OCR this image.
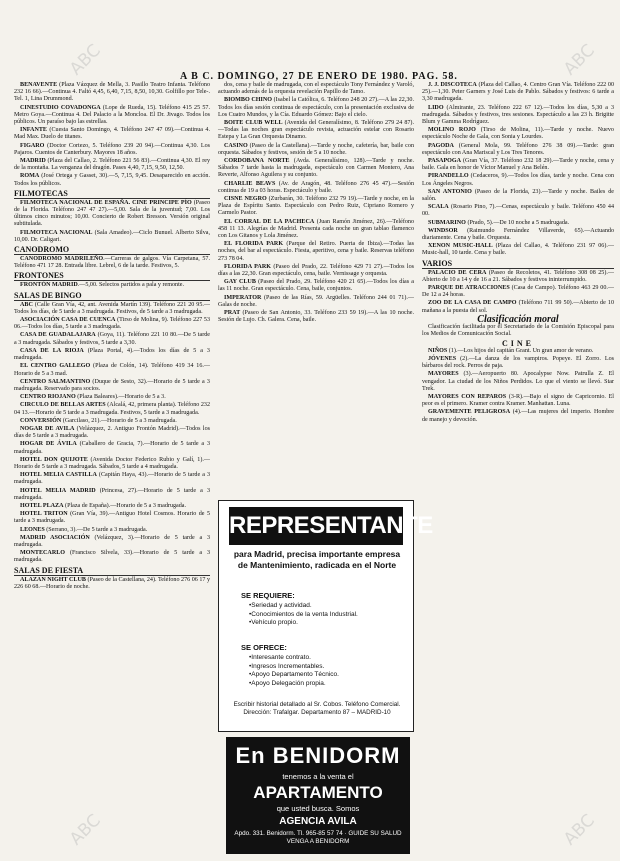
A B C. DOMINGO, 27 DE ENERO DE 1980. PAG. 58.

BENAVENTE (Plaza Vázquez de Mella, 3. Pasillo Teatro Infanta. Teléfono 232 16 66).—Continua 4. Faltó 4,45, 6,40, 7,15, 8,50, 10,30. Golfillo por Tele-. Tel. 1, Lina Drummond.

CINESTUDIO COVADONGA (Lope de Rueda, 15). Teléfono 415 25 57. Metro Goya.—Continua 4. Del Palacio a la Moncloa. El Dr. Jivago. Todos los públicos. Un paraíso bajo las estrellas.

INFANTE (Cuesta Santo Domingo, 4. Teléfono 247 47 09).—Continua 4. Mad Max. Duelo de titanes.

FIGARO (Doctor Cortezo, 5. Teléfono 239 20 94).—Continua 4,30. Los Pajaros. Cuentos de Canterbury. Mayores 18 años.

MADRID (Plaza del Callao, 2. Teléfono 221 56 83).—Continua 4,30. El rey de la montaña. La venganza del dragón. Pases 4,40, 7,15, 9,50, 12,50.

ROMA (José Ortega y Gasset, 30).—5, 7,15, 9,45. Desaparecido en acción. Todos los públicos.

FILMOTECAS

FILMOTECA NACIONAL DE ESPAÑA. CINE PRINCIPE PÍO (Paseo de la Florida. Teléfono 247 47 27).—5,00. Sala de la juventud; 7,00. Los últimos cinco minutos; 10,00. Concierto de Robert Bresson. Versión original subtitulada.

FILMOTECA NACIONAL (Sala Amadeo).—Ciclo Bunuel. Alberto Silva, 10,00. Dr. Caligari.

CANODROMO

CANODROMO MADRILEÑO.—Carreras de galgos. Vía Carpetana, 57. Teléfono 471 17 28. Entrada libre. Lebrel, 6 de la tarde. Festivos, 5.

FRONTONES

FRONTÓN MADRID.—5,00. Selectos partidos a pala y remonte.

SALAS DE BINGO

ABC (Calle Gran Vía, 42, ant. Avenida Martín 139). Teléfono 221 20 95.—Todos los días, de 5 tarde a 3 madrugada. Festivos, de 5 tarde a 3 madrugada.

ASOCIACIÓN CASA DE CUENCA (Tirso de Molina, 9). Teléfono 227 53 06.—Todos los días, 5 tarde a 3 madrugada.

CASA DE GUADALAJARA (Goya, 11). Teléfono 221 10 80.—De 5 tarde a 3 madrugada. Sábados y festivos, 5 tarde a 3,30.

CASA DE LA RIOJA (Plaza Portal, 4).—Todos los días de 5 a 3 madrugada.

EL CENTRO GALLEGO (Plaza de Colón, 14). Teléfono 419 34 16.—Horario de 5 a 3 mad.

CENTRO SALMANTINO (Duque de Sesto, 32).—Horario de 5 tarde a 3 madrugada. Reservado para socios.

CENTRO RIOJANO (Plaza Baleares).—Horario de 5 a 3.

CIRCULO DE BELLAS ARTES (Alcalá, 42, primera planta). Teléfono 232 04 13.—Horario de 5 tarde a 3 madrugada. Festivos, 5 tarde a 3 madrugada.

CONVERSIÓN (Garcilaso, 21).—Horario de 5 a 3 madrugada.

NOGAR DE AVILA (Velázquez, 2. Antiguo Frontón Madrid).—Todos los días de 5 tarde a 3 madrugada.

HOGAR DE ÁVILA (Caballero de Gracia, 7).—Horario de 5 tarde a 3 madrugada.

HOTEL DON QUIJOTE (Avenida Doctor Federico Rubio y Galí, 1).—Horario de 5 tarde a 3 madrugada. Sábados, 5 tarde a 4 madrugada.

HOTEL MELIA CASTILLA (Capitán Haya, 43).—Horario de 5 tarde a 3 madrugada.

HOTEL MELIA MADRID (Princesa, 27).—Horario de 5 tarde a 3 madrugada.

HOTEL PLAZA (Plaza de España).—Horario de 5 a 3 madrugada.

HOTEL TRITON (Gran Vía, 39).—Antiguo Hotel Cosmos. Horario de 5 tarde a 3 madrugada.

LEONES (Serrano, 3).—De 5 tarde a 3 madrugada.

MADRID ASOCIACIÓN (Velázquez, 3).—Horario de 5 tarde a 3 madrugada.

MONTECARLO (Francisco Silvela, 33).—Horario de 5 tarde a 3 madrugada.

SALAS DE FIESTA

ALAZAN NIGHT CLUB (Paseo de la Castellana, 24). Teléfono 276 06 17 y 226 60 68.—Horario de noche.

dos, cena y baile de madrugada, con el espectáculo Tony Fernández y Varoló, actuando además de la orquesta revelación Papillo de Tamo.

BIOMBO CHINO (Isabel la Católica, 6. Teléfono 248 20 27).—A las 22,30. Todos los días sesión continua de espectáculo, con la presentación exclusiva de Los Cuatro Mundos, y la Cía. Eduardo Gómez: Bajo el cielo.

BOITE CLUB WELL (Avenida del Generalísimo, 8. Teléfono 279 24 87).—Todas las noches gran espectáculo revista, actuación estelar con Rosario Estepa y La Gran Orquesta Dinamo.

CASINO (Paseo de la Castellana).—Tarde y noche, cafetería, bar, baile con orquesta. Sábados y festivos, sesión de 5 a 10 noche.

CORDOBANA NORTE (Avda. Generalísimo, 128).—Tarde y noche. Sábados 7 tarde hasta la madrugada, espectáculo con Carmen Montero, Ana Reverte, Alfonso Aguilera y su conjunto.

CHARLIE BEAVS (Av. de Aragón, 48. Teléfono 276 45 47).—Sesión continua de 19 a 03 horas. Espectáculo y baile.

CISNE NEGRO (Zurbarán, 30. Teléfono 232 79 19).—Tarde y noche, en la Plaza de Espíritu Santo. Espectáculo con Pedro Ruiz, Cipriano Romero y Carmelo Pastor.

EL CORRAL DE LA PACHECA (Juan Ramón Jiménez, 26).—Teléfono 458 11 13. Alegrías de Madrid. Presenta cada noche un gran tablao flamenco con Los Gitanos y Lola Jiménez.

EL FLORIDA PARK (Parque del Retiro. Puerta de Ibiza).—Todas las noches, del bar al espectáculo. Fiesta, aperitivo, cena y baile. Reservas teléfono 273 78 04.

FLORIDA PARK (Paseo del Prado, 22. Teléfono 429 71 27).—Todos los días a las 22,30. Gran espectáculo, cena, baile. Vernissage y orquesta.

GAY CLUB (Paseo del Prado, 29. Teléfono 420 21 65).—Todos los días a las 11 noche. Gran espectáculo. Cena, baile, conjuntos.

IMPERATOR (Paseo de las Rías, 59. Argüelles. Teléfono 244 01 71).—Galas de noche.

PRAT (Paseo de San Antonio, 33. Teléfono 233 59 19).—A las 10 noche. Sesión de Lujo. Ch. Galera. Cena, baile.

J. J. DISCOTECA (Plaza del Callao, 4. Centro Gran Vía. Teléfono 222 00 25).—1,30. Peter Garners y José Luis de Pablo. Sábados y festivos: 6 tarde a 3,30 madrugada.

LIDO (Almirante, 23. Teléfono 222 67 12).—Todos los días, 5,30 a 3 madrugada. Sábados y festivos, tres sesiones. Espectáculo a las 23 h. Brigitte Blum y Gamma Rodríguez.

MOLINO ROJO (Tirso de Molina, 11).—Tarde y noche. Nuevo espectáculo Noche de Gala, con Sonia y Lourdes.

PAGODA (General Mola, 99. Teléfono 276 38 09).—Tarde: gran espectáculo con Ana Mariscal y Los Tres Tenores.

PASAPOGA (Gran Vía, 37. Teléfono 232 18 29).—Tarde y noche, cena y baile. Gala en honor de Víctor Manuel y Ana Belén.

PIRANDELLO (Cedaceros, 9).—Todos los días, tarde y noche. Cena con Los Ángeles Negros.

SAN ANTONIO (Paseo de la Florida, 23).—Tarde y noche. Bailes de salón.

SCALA (Rosario Pino, 7).—Cenas, espectáculo y baile. Teléfono 450 44 00.

SUBMARINO (Prado, 5).—De 10 noche a 5 madrugada.

WINDSOR (Raimundo Fernández Villaverde, 65).—Actuando diariamente. Cena y baile. Orquesta.

XENON MUSIC-HALL (Plaza del Callao, 4. Teléfono 231 97 06).—Music-hall, 10 tarde. Cena y baile.

VARIOS

PALACIO DE CERA (Paseo de Recoletos, 41. Teléfono 308 08 25).—Abierto de 10 a 14 y de 16 a 21. Sábados y festivos ininterrumpido.

PARQUE DE ATRACCIONES (Casa de Campo). Teléfono 463 29 00.—De 12 a 24 horas.

ZOO DE LA CASA DE CAMPO (Teléfono 711 99 50).—Abierto de 10 mañana a la puesta del sol.

Clasificación moral

Clasificación facilitada por el Secretariado de la Comisión Episcopal para los Medios de Comunicación Social.

CINE

NIÑOS (1).—Los hijos del capitán Grant. Un gran amor de verano.

JÓVENES (2).—La danza de los vampiros. Popeye. El Zorro. Los bárbaros del rock. Perros de paja.

MAYORES (3).—Aeropuerto 80. Apocalypse Now. Patrulla Z. El vengador. La ciudad de los Niños Perdidos. Lo que el viento se llevó. Star Trek.

MAYORES CON REPAROS (3-R).—Bajo el signo de Capricornio. El peor es el primero. Kramer contra Kramer. Manhattan. Luna.

GRAVEMENTE PELIGROSA (4).—Las mujeres del imperio. Hombre de manejo y devoción.

REPRESENTANTE
para Madrid, precisa importante empresa de Mantenimiento, radicada en el Norte
SE REQUIERE:
• Seriedad y actividad.
• Conocimientos de la venta Industrial.
• Vehículo propio.
SE OFRECE:
• Interesante contrato.
• Ingresos Incrementables.
• Apoyo Departamento Técnico.
• Apoyo Delegación propia.
Escribir historial detallado al Sr. Cobos. Teléfono Comercial. Dirección: Trafalgar. Departamento 87 – MADRID-10
En BENIDORM
tenemos a la venta el
APARTAMENTO
que usted busca. Somos
AGENCIA AVILA
Apdo. 331. Benidorm. Tl. 965-85 57 74 · GUIDE SU SALUD VENGA A BENIDORM
ABC	ABC
ABC	ABC
